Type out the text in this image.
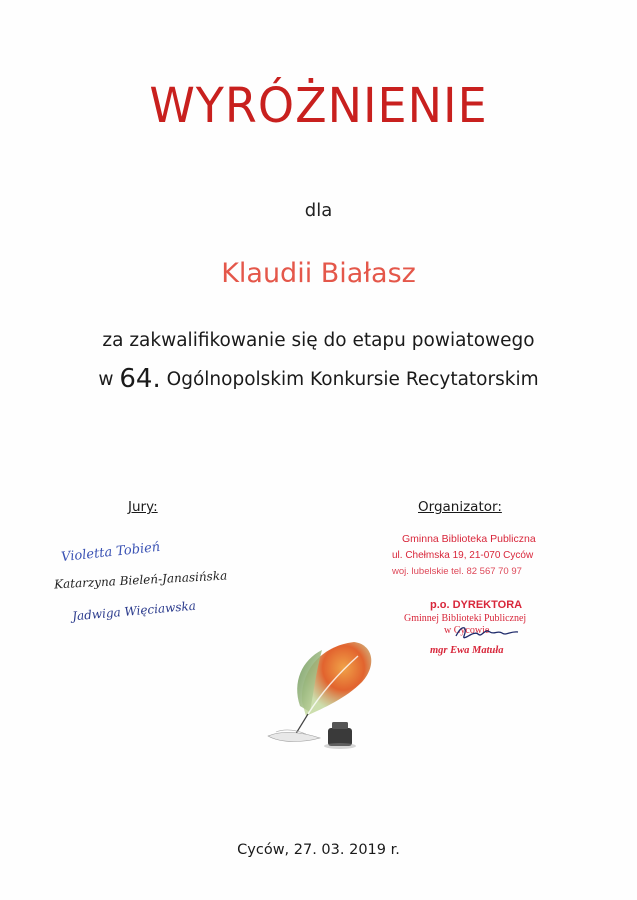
WYRÓŻNIENIE
dla
Klaudii Białasz
za zakwalifikowanie się do etapu powiatowego
w 64. Ogólnopolskim Konkursie Recytatorskim
Jury:	Organizator:
Violetta Tobień
Katarzyna Bieleń-Janasińska
Jadwiga Więciawska
Gminna Biblioteka Publiczna
ul. Chełmska 19, 21-070 Cyców
woj. lubelskie tel. 82 567 70 97
p.o. DYREKTORA
Gminnej Biblioteki Publicznej
w Cycowie
mgr Ewa Matuła
Cyców, 27. 03. 2019 r.
